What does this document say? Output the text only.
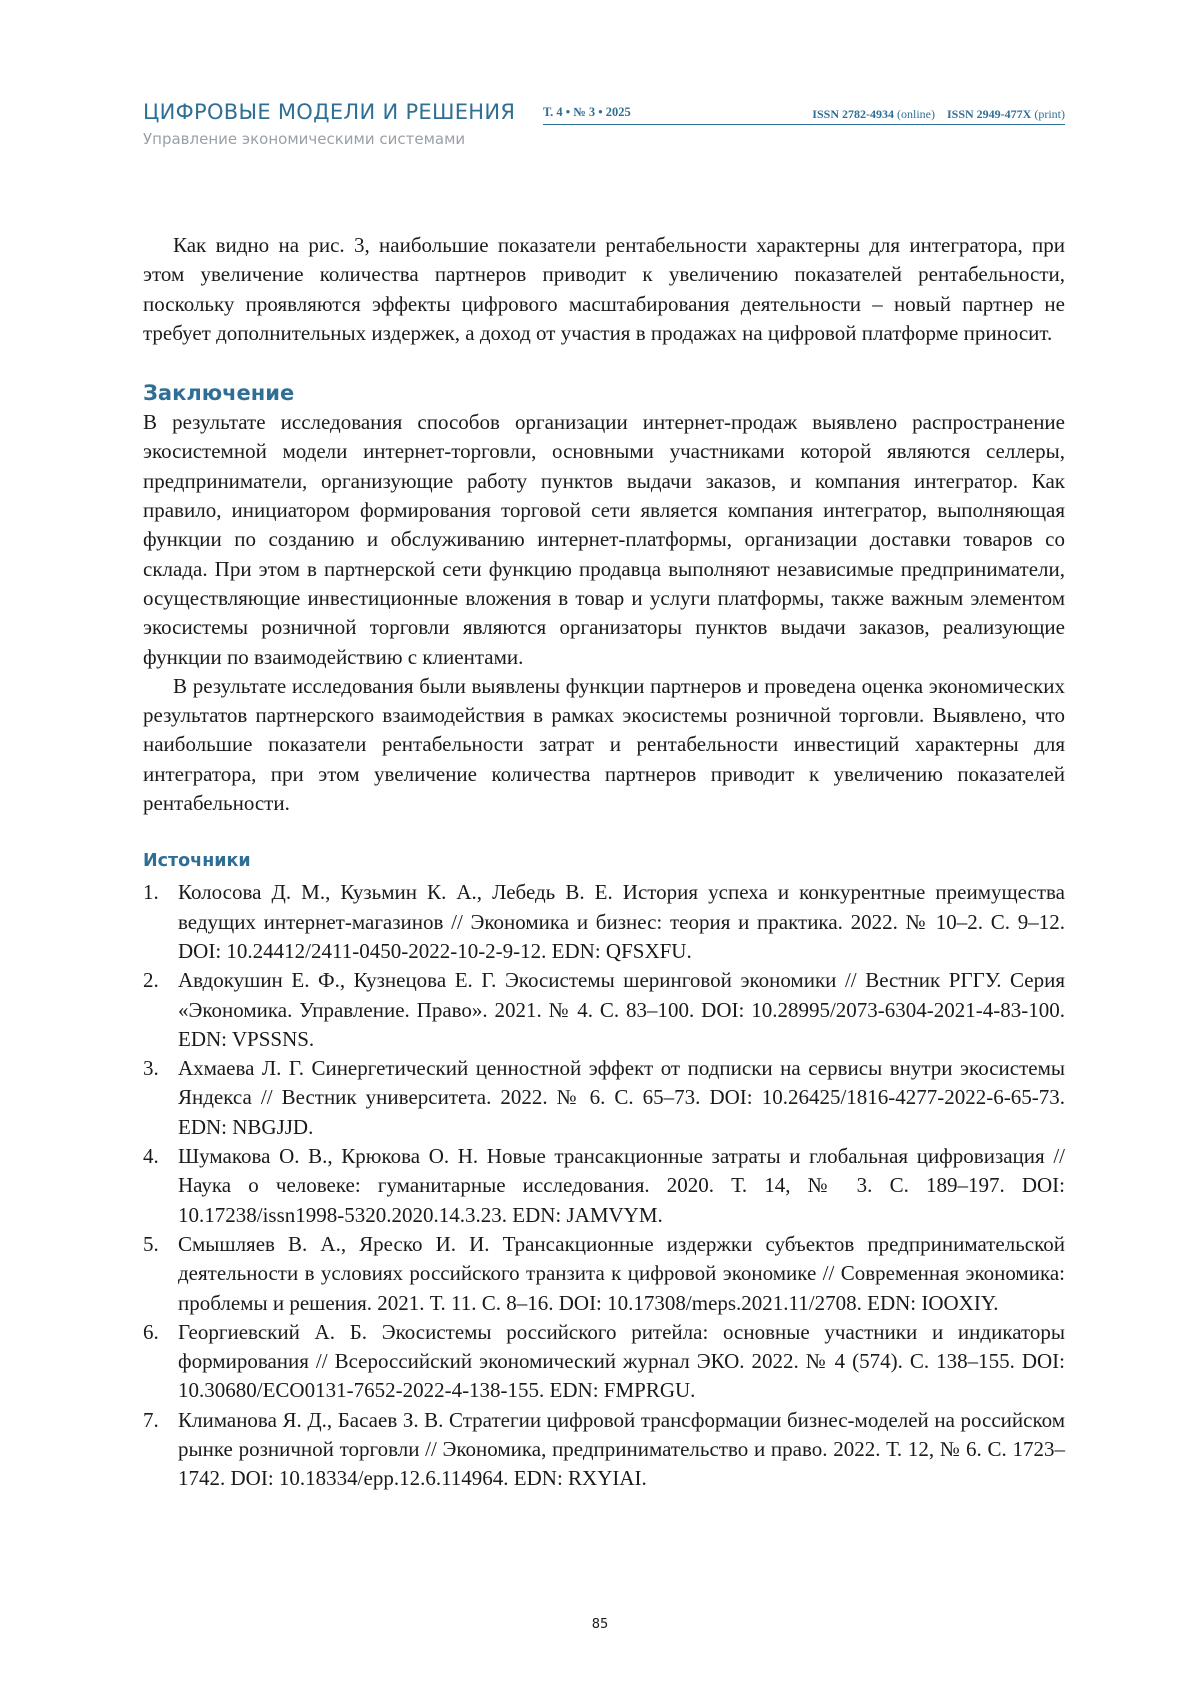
ЦИФРОВЫЕ МОДЕЛИ И РЕШЕНИЯ
Управление экономическими системами
Т. 4 • № 3 • 2025	ISSN 2782-4934 (online) ISSN 2949-477X (print)

Как видно на рис. 3, наибольшие показатели рентабельности характерны для интегратора, при этом увеличение количества партнеров приводит к увеличению показателей рентабельности, поскольку проявляются эффекты цифрового масштабирования деятельности – новый партнер не требует дополнительных издержек, а доход от участия в продажах на цифровой платформе приносит.

Заключение

В результате исследования способов организации интернет-продаж выявлено распространение экосистемной модели интернет-торговли, основными участниками которой являются селлеры, предприниматели, организующие работу пунктов выдачи заказов, и компания интегратор. Как правило, инициатором формирования торговой сети является компания интегратор, выполняющая функции по созданию и обслуживанию интернет-платформы, организации доставки товаров со склада. При этом в партнерской сети функцию продавца выполняют независимые предприниматели, осуществляющие инвестиционные вложения в товар и услуги платформы, также важным элементом экосистемы розничной торговли являются организаторы пунктов выдачи заказов, реализующие функции по взаимодействию с клиентами.

В результате исследования были выявлены функции партнеров и проведена оценка экономических результатов партнерского взаимодействия в рамках экосистемы розничной торговли. Выявлено, что наибольшие показатели рентабельности затрат и рентабельности инвестиций характерны для интегратора, при этом увеличение количества партнеров приводит к увеличению показателей рентабельности.

Источники
1. Колосова Д. М., Кузьмин К. А., Лебедь В. Е. История успеха и конкурентные преимущества ведущих интернет-магазинов // Экономика и бизнес: теория и практика. 2022. № 10–2. С. 9–12. DOI: 10.24412/2411-0450-2022-10-2-9-12. EDN: QFSXFU.
2. Авдокушин Е. Ф., Кузнецова Е. Г. Экосистемы шеринговой экономики // Вестник РГГУ. Серия «Экономика. Управление. Право». 2021. № 4. С. 83–100. DOI: 10.28995/2073-6304-2021-4-83-100. EDN: VPSSNS.
3. Ахмаева Л. Г. Синергетический ценностной эффект от подписки на сервисы внутри экосистемы Яндекса // Вестник университета. 2022. № 6. С. 65–73. DOI: 10.26425/1816-4277-2022-6-65-73. EDN: NBGJJD.
4. Шумакова О. В., Крюкова О. Н. Новые трансакционные затраты и глобальная цифровизация // Наука о человеке: гуманитарные исследования. 2020. Т. 14, № 3. С. 189–197. DOI: 10.17238/issn1998-5320.2020.14.3.23. EDN: JAMVYM.
5. Смышляев В. А., Яреско И. И. Трансакционные издержки субъектов предпринимательской деятельности в условиях российского транзита к цифровой экономике // Современная экономика: проблемы и решения. 2021. Т. 11. С. 8–16. DOI: 10.17308/meps.2021.11/2708. EDN: IOOXIY.
6. Георгиевский А. Б. Экосистемы российского ритейла: основные участники и индикаторы формирования // Всероссийский экономический журнал ЭКО. 2022. № 4 (574). С. 138–155. DOI: 10.30680/ECO0131-7652-2022-4-138-155. EDN: FMPRGU.
7. Климанова Я. Д., Басаев З. В. Стратегии цифровой трансформации бизнес-моделей на российском рынке розничной торговли // Экономика, предпринимательство и право. 2022. Т. 12, № 6. С. 1723–1742. DOI: 10.18334/epp.12.6.114964. EDN: RXYIAI.
85
